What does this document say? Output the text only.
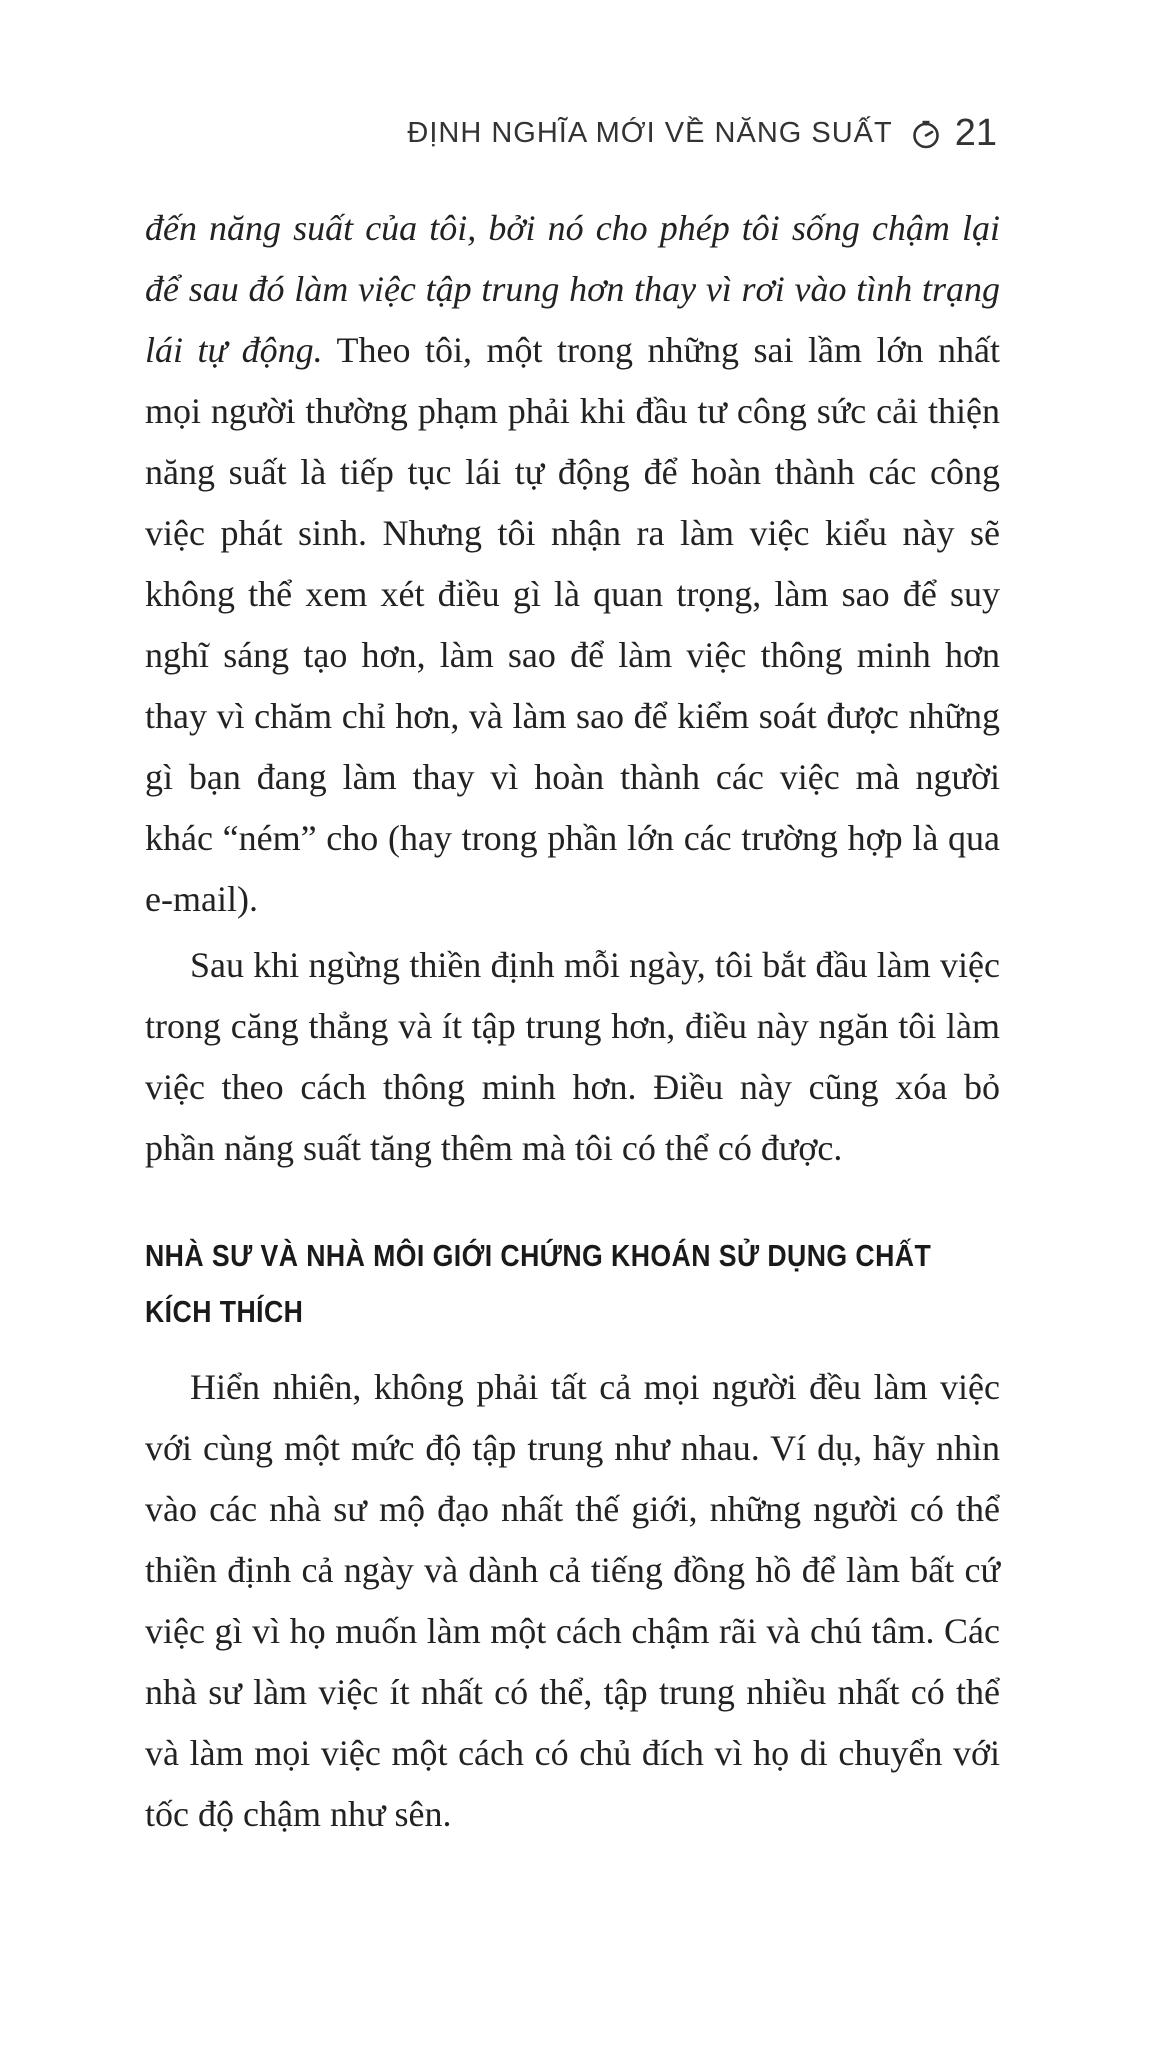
ĐỊNH NGHĨA MỚI VỀ NĂNG SUẤT 21

đến năng suất của tôi, bởi nó cho phép tôi sống chậm lại để sau đó làm việc tập trung hơn thay vì rơi vào tình trạng lái tự động. Theo tôi, một trong những sai lầm lớn nhất mọi người thường phạm phải khi đầu tư công sức cải thiện năng suất là tiếp tục lái tự động để hoàn thành các công việc phát sinh. Nhưng tôi nhận ra làm việc kiểu này sẽ không thể xem xét điều gì là quan trọng, làm sao để suy nghĩ sáng tạo hơn, làm sao để làm việc thông minh hơn thay vì chăm chỉ hơn, và làm sao để kiểm soát được những gì bạn đang làm thay vì hoàn thành các việc mà người khác “ném” cho (hay trong phần lớn các trường hợp là qua e-mail).

Sau khi ngừng thiền định mỗi ngày, tôi bắt đầu làm việc trong căng thẳng và ít tập trung hơn, điều này ngăn tôi làm việc theo cách thông minh hơn. Điều này cũng xóa bỏ phần năng suất tăng thêm mà tôi có thể có được.

NHÀ SƯ VÀ NHÀ MÔI GIỚI CHỨNG KHOÁN SỬ DỤNG CHẤT KÍCH THÍCH

Hiển nhiên, không phải tất cả mọi người đều làm việc với cùng một mức độ tập trung như nhau. Ví dụ, hãy nhìn vào các nhà sư mộ đạo nhất thế giới, những người có thể thiền định cả ngày và dành cả tiếng đồng hồ để làm bất cứ việc gì vì họ muốn làm một cách chậm rãi và chú tâm. Các nhà sư làm việc ít nhất có thể, tập trung nhiều nhất có thể và làm mọi việc một cách có chủ đích vì họ di chuyển với tốc độ chậm như sên.
